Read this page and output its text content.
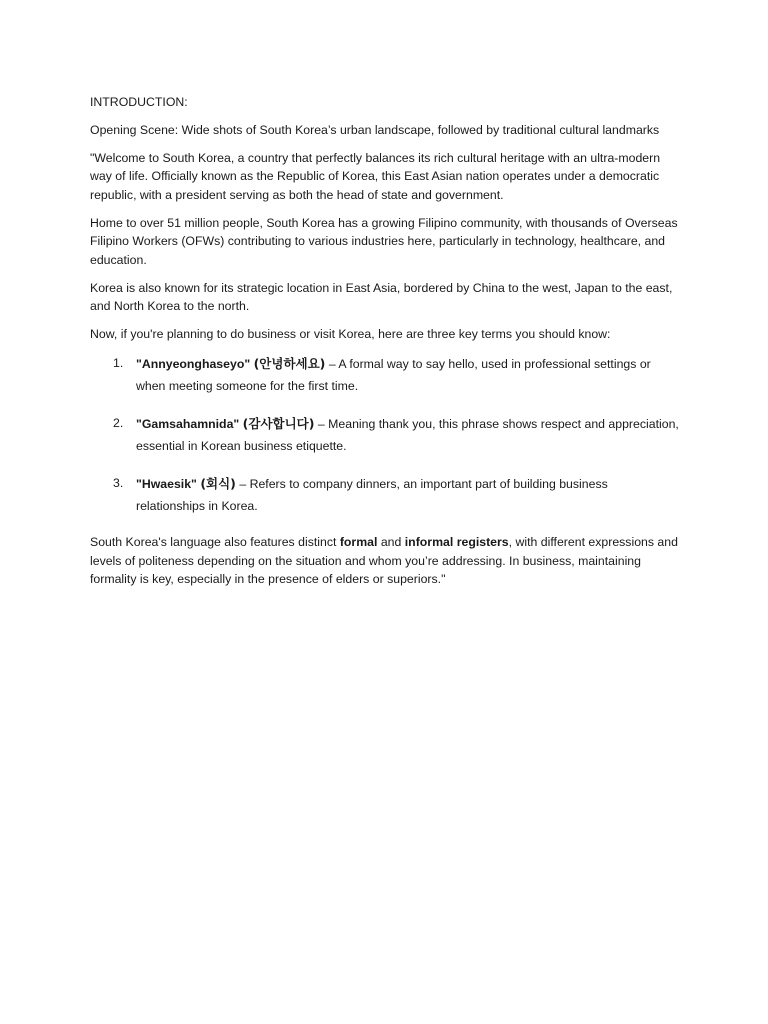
INTRODUCTION:

Opening Scene: Wide shots of South Korea’s urban landscape, followed by traditional cultural landmarks

"Welcome to South Korea, a country that perfectly balances its rich cultural heritage with an ultra-modern way of life. Officially known as the Republic of Korea, this East Asian nation operates under a democratic republic, with a president serving as both the head of state and government.

Home to over 51 million people, South Korea has a growing Filipino community, with thousands of Overseas Filipino Workers (OFWs) contributing to various industries here, particularly in technology, healthcare, and education.

Korea is also known for its strategic location in East Asia, bordered by China to the west, Japan to the east, and North Korea to the north.

Now, if you're planning to do business or visit Korea, here are three key terms you should know:

1. "Annyeonghaseyo" (안녕하세요) – A formal way to say hello, used in professional settings or when meeting someone for the first time.
2. "Gamsahamnida" (감사합니다) – Meaning thank you, this phrase shows respect and appreciation, essential in Korean business etiquette.
3. "Hwaesik" (회식) – Refers to company dinners, an important part of building business relationships in Korea.

South Korea's language also features distinct formal and informal registers, with different expressions and levels of politeness depending on the situation and whom you’re addressing. In business, maintaining formality is key, especially in the presence of elders or superiors."
